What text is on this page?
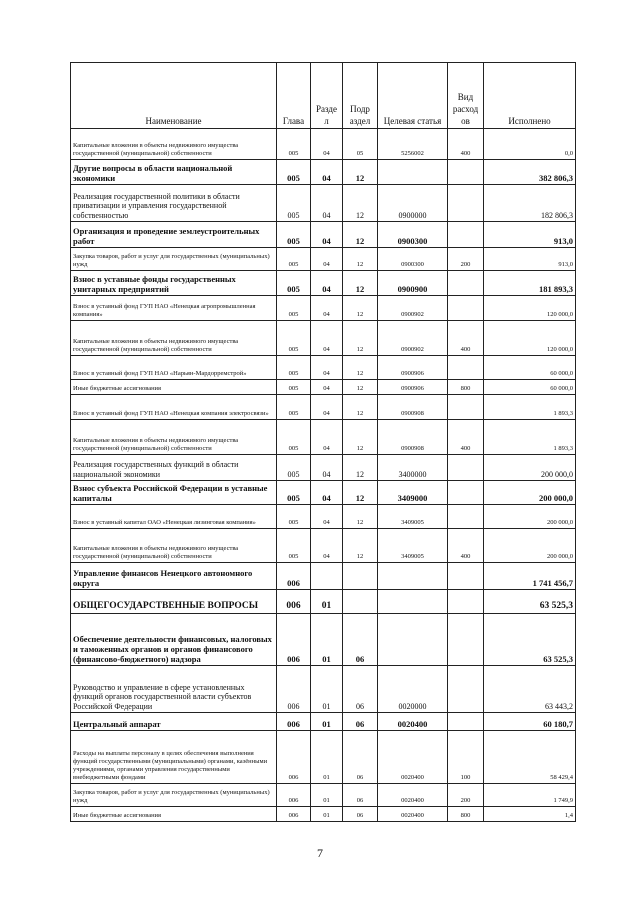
Наименование	Глава	Разде л	Подр аздел	Целевая статья	Вид расход ов	Исполнено
Капитальные вложения в объекты недвижимого имущества государственной (муниципальной) собственности	005	04	05	5256002	400	0,0
Другие вопросы в области национальной экономики	005	04	12			382 806,3
Реализация государственной политики в области приватизации и управления государственной собственностью	005	04	12	0900000		182 806,3
Организация и проведение землеустроительных работ	005	04	12	0900300		913,0
Закупка товаров, работ и услуг для государственных (муниципальных) нужд	005	04	12	0900300	200	913,0
Взнос в уставные фонды государственных унитарных предприятий	005	04	12	0900900		181 893,3
Взнос в уставный фонд ГУП НАО «Ненецкая агропромышленная компания»	005	04	12	0900902		120 000,0
Капитальные вложения в объекты недвижимого имущества государственной (муниципальной) собственности	005	04	12	0900902	400	120 000,0
Взнос в уставный фонд ГУП НАО «Нарьян-Мардорремстрой»	005	04	12	0900906		60 000,0
Иные бюджетные ассигнования	005	04	12	0900906	800	60 000,0
Взнос в уставный фонд ГУП НАО «Ненецкая компания электросвязи»	005	04	12	0900908		1 893,3
Капитальные вложения в объекты недвижимого имущества государственной (муниципальной) собственности	005	04	12	0900908	400	1 893,3
Реализация государственных функций в области национальной экономики	005	04	12	3400000		200 000,0
Взнос субъекта Российской Федерации в уставные капиталы	005	04	12	3409000		200 000,0
Взнос в уставный капитал ОАО «Ненецкая лизинговая компания»	005	04	12	3409005		200 000,0
Капитальные вложения в объекты недвижимого имущества государственной (муниципальной) собственности	005	04	12	3409005	400	200 000,0
Управление финансов Ненецкого автономного округа	006					1 741 456,7
ОБЩЕГОСУДАРСТВЕННЫЕ ВОПРОСЫ	006	01				63 525,3
Обеспечение деятельности финансовых, налоговых и таможенных органов и органов финансового (финансово-бюджетного) надзора	006	01	06			63 525,3
Руководство и управление в сфере установленных функций органов государственной власти субъектов Российской Федерации	006	01	06	0020000		63 443,2
Центральный аппарат	006	01	06	0020400		60 180,7
Расходы на выплаты персоналу в целях обеспечения выполнения функций государственными (муниципальными) органами, казёнными учреждениями, органами управления государственными внебюджетными фондами	006	01	06	0020400	100	58 429,4
Закупка товаров, работ и услуг для государственных (муниципальных) нужд	006	01	06	0020400	200	1 749,9
Иные бюджетные ассигнования	006	01	06	0020400	800	1,4
7
